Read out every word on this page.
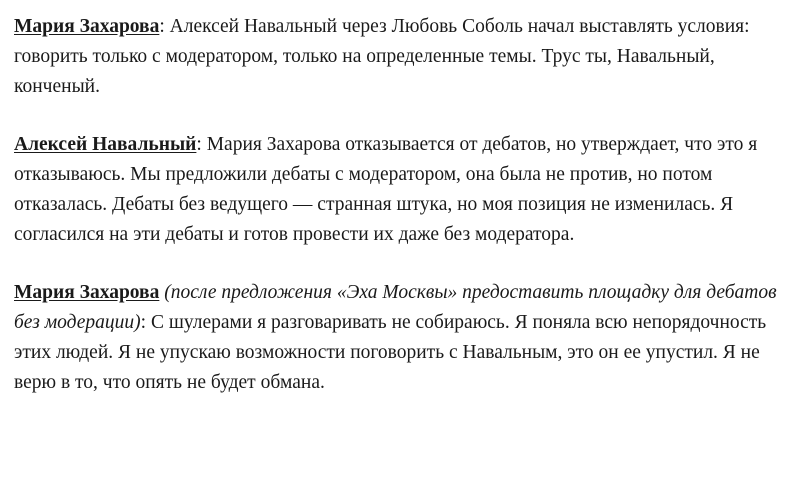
Мария Захарова: Алексей Навальный через Любовь Соболь начал выставлять условия: говорить только с модератором, только на определенные темы. Трус ты, Навальный, конченый.

Алексей Навальный: Мария Захарова отказывается от дебатов, но утверждает, что это я отказываюсь. Мы предложили дебаты с модератором, она была не против, но потом отказалась. Дебаты без ведущего — странная штука, но моя позиция не изменилась. Я согласился на эти дебаты и готов провести их даже без модератора.

Мария Захарова (после предложения «Эха Москвы» предоставить площадку для дебатов без модерации): С шулерами я разговаривать не собираюсь. Я поняла всю непорядочность этих людей. Я не упускаю возможности поговорить с Навальным, это он ее упустил. Я не верю в то, что опять не будет обмана.
